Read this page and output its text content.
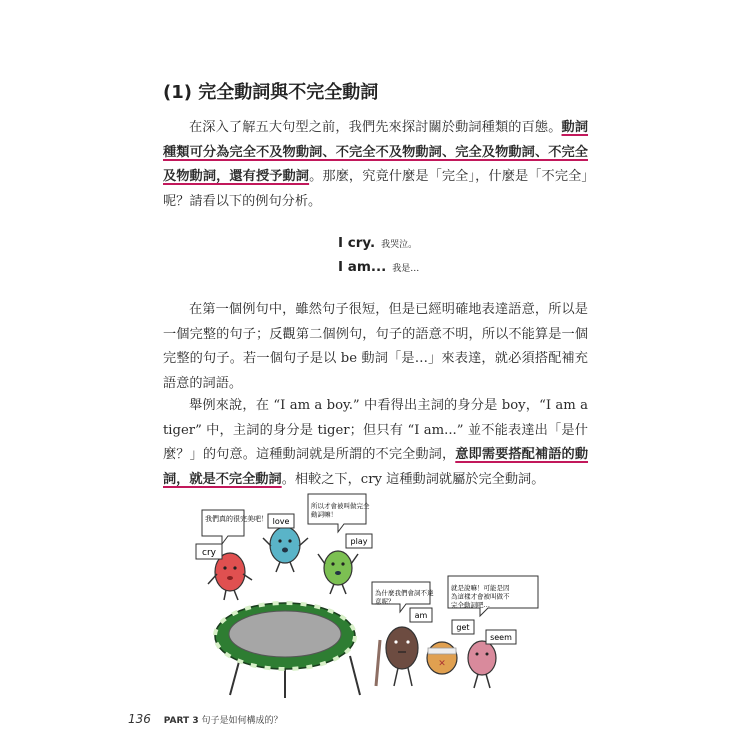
(1) 完全動詞與不完全動詞

在深入了解五大句型之前，我們先來探討關於動詞種類的百態。動詞種類可分為完全不及物動詞、不完全不及物動詞、完全及物動詞、不完全及物動詞，還有授予動詞。那麼，究竟什麼是「完全」，什麼是「不完全」呢？請看以下的例句分析。

I cry. 我哭泣。
I am... 我是…

在第一個例句中，雖然句子很短，但是已經明確地表達語意，所以是一個完整的句子；反觀第二個例句，句子的語意不明，所以不能算是一個完整的句子。若一個句子是以 be 動詞「是…」來表達，就必須搭配補充語意的詞語。

舉例來說，在 “I am a boy.” 中看得出主詞的身分是 boy，“I am a tiger” 中，主詞的身分是 tiger；但只有 “I am...” 並不能表達出「是什麼？」的句意。這種動詞就是所謂的不完全動詞，意即需要搭配補語的動詞，就是不完全動詞。相較之下，cry 這種動詞就屬於完全動詞。

cry
我們真的很完美吧！ love
play
所以才會被叫做完全 動詞嘛！
am
為什麼我們會詞不達 意呢？
✕
get
seem
就是說嘛！可能是因 為這樣才會被叫做不完全動詞吧…
136 PART 3 句子是如何構成的？
